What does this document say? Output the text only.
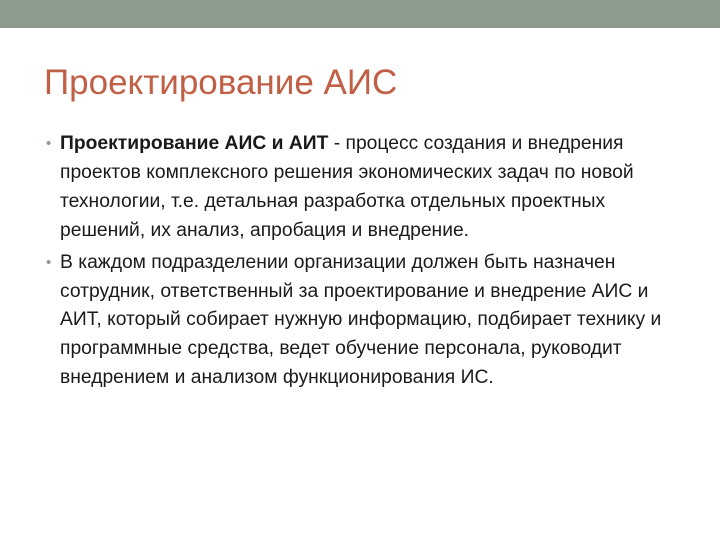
Проектирование АИС
• Проектирование АИС и АИТ - процесс создания и внедрения проектов комплексного решения экономических задач по новой технологии, т.е. детальная разработка отдельных проектных решений, их анализ, апробация и внедрение.
• В каждом подразделении организации должен быть назначен сотрудник, ответственный за проектирование и внедрение АИС и АИТ, который собирает нужную информацию, подбирает технику и программные средства, ведет обучение персонала, руководит внедрением и анализом функционирования ИС.
